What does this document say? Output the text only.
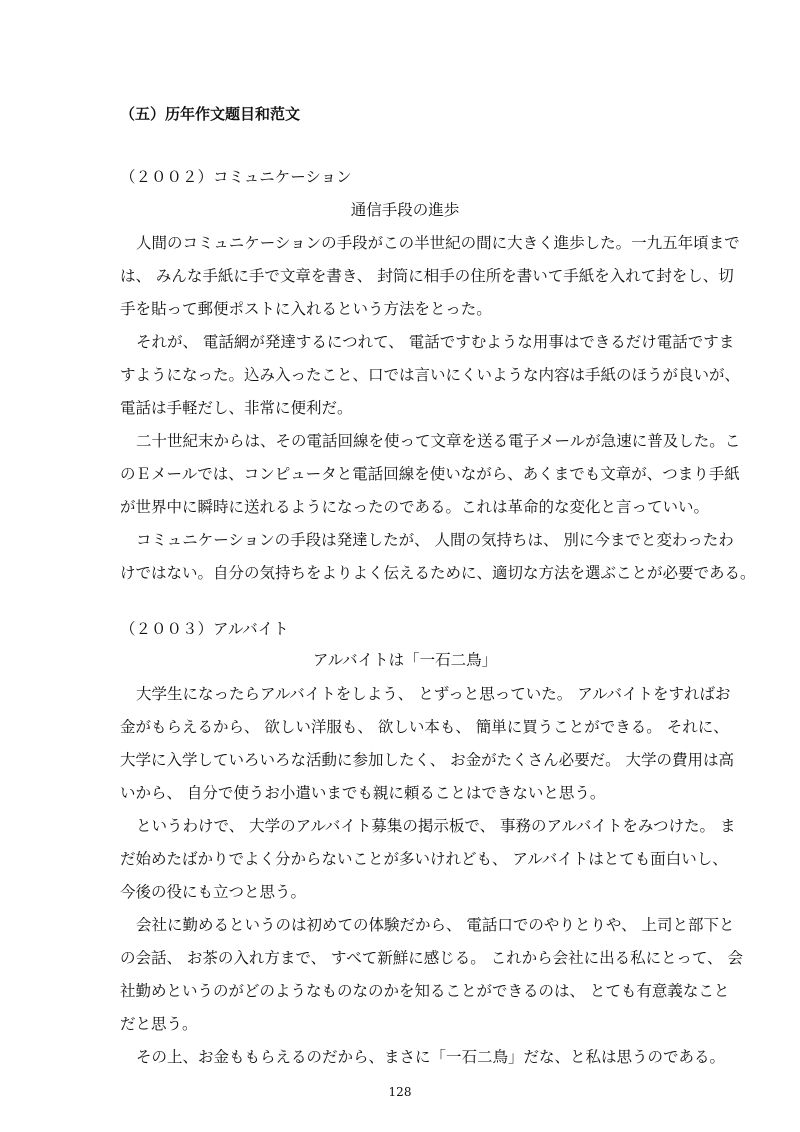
（五）历年作文题目和范文
（２００２）コミュニケーション
通信手段の進歩
人間のコミュニケーションの手段がこの半世紀の間に大きく進歩した。一九五年頃まで
は、 みんな手紙に手で文章を書き、 封筒に相手の住所を書いて手紙を入れて封をし、切
手を貼って郵便ポストに入れるという方法をとった。
それが、 電話網が発達するにつれて、 電話ですむような用事はできるだけ電話ですま
すようになった。込み入ったこと、口では言いにくいような内容は手紙のほうが良いが、
電話は手軽だし、非常に便利だ。
二十世紀末からは、その電話回線を使って文章を送る電子メールが急速に普及した。こ
のＥメールでは、コンピュータと電話回線を使いながら、あくまでも文章が、つまり手紙
が世界中に瞬時に送れるようになったのである。これは革命的な変化と言っていい。
コミュニケーションの手段は発達したが、 人間の気持ちは、 別に今までと変わったわ
けではない。自分の気持ちをよりよく伝えるために、適切な方法を選ぶことが必要である。
（２００３）アルバイト
アルバイトは「一石二鳥」
大学生になったらアルバイトをしよう、 とずっと思っていた。 アルバイトをすればお
金がもらえるから、 欲しい洋服も、 欲しい本も、 簡単に買うことができる。 それに、
大学に入学していろいろな活動に参加したく、 お金がたくさん必要だ。 大学の費用は高
いから、 自分で使うお小遣いまでも親に頼ることはできないと思う。
というわけで、 大学のアルバイト募集の掲示板で、 事務のアルバイトをみつけた。 ま
だ始めたばかりでよく分からないことが多いけれども、 アルバイトはとても面白いし、
今後の役にも立つと思う。
会社に勤めるというのは初めての体験だから、 電話口でのやりとりや、 上司と部下と
の会話、 お茶の入れ方まで、 すべて新鮮に感じる。 これから会社に出る私にとって、 会
社勤めというのがどのようなものなのかを知ることができるのは、 とても有意義なこと
だと思う。
その上、お金ももらえるのだから、まさに「一石二鳥」だな、と私は思うのである。
128
